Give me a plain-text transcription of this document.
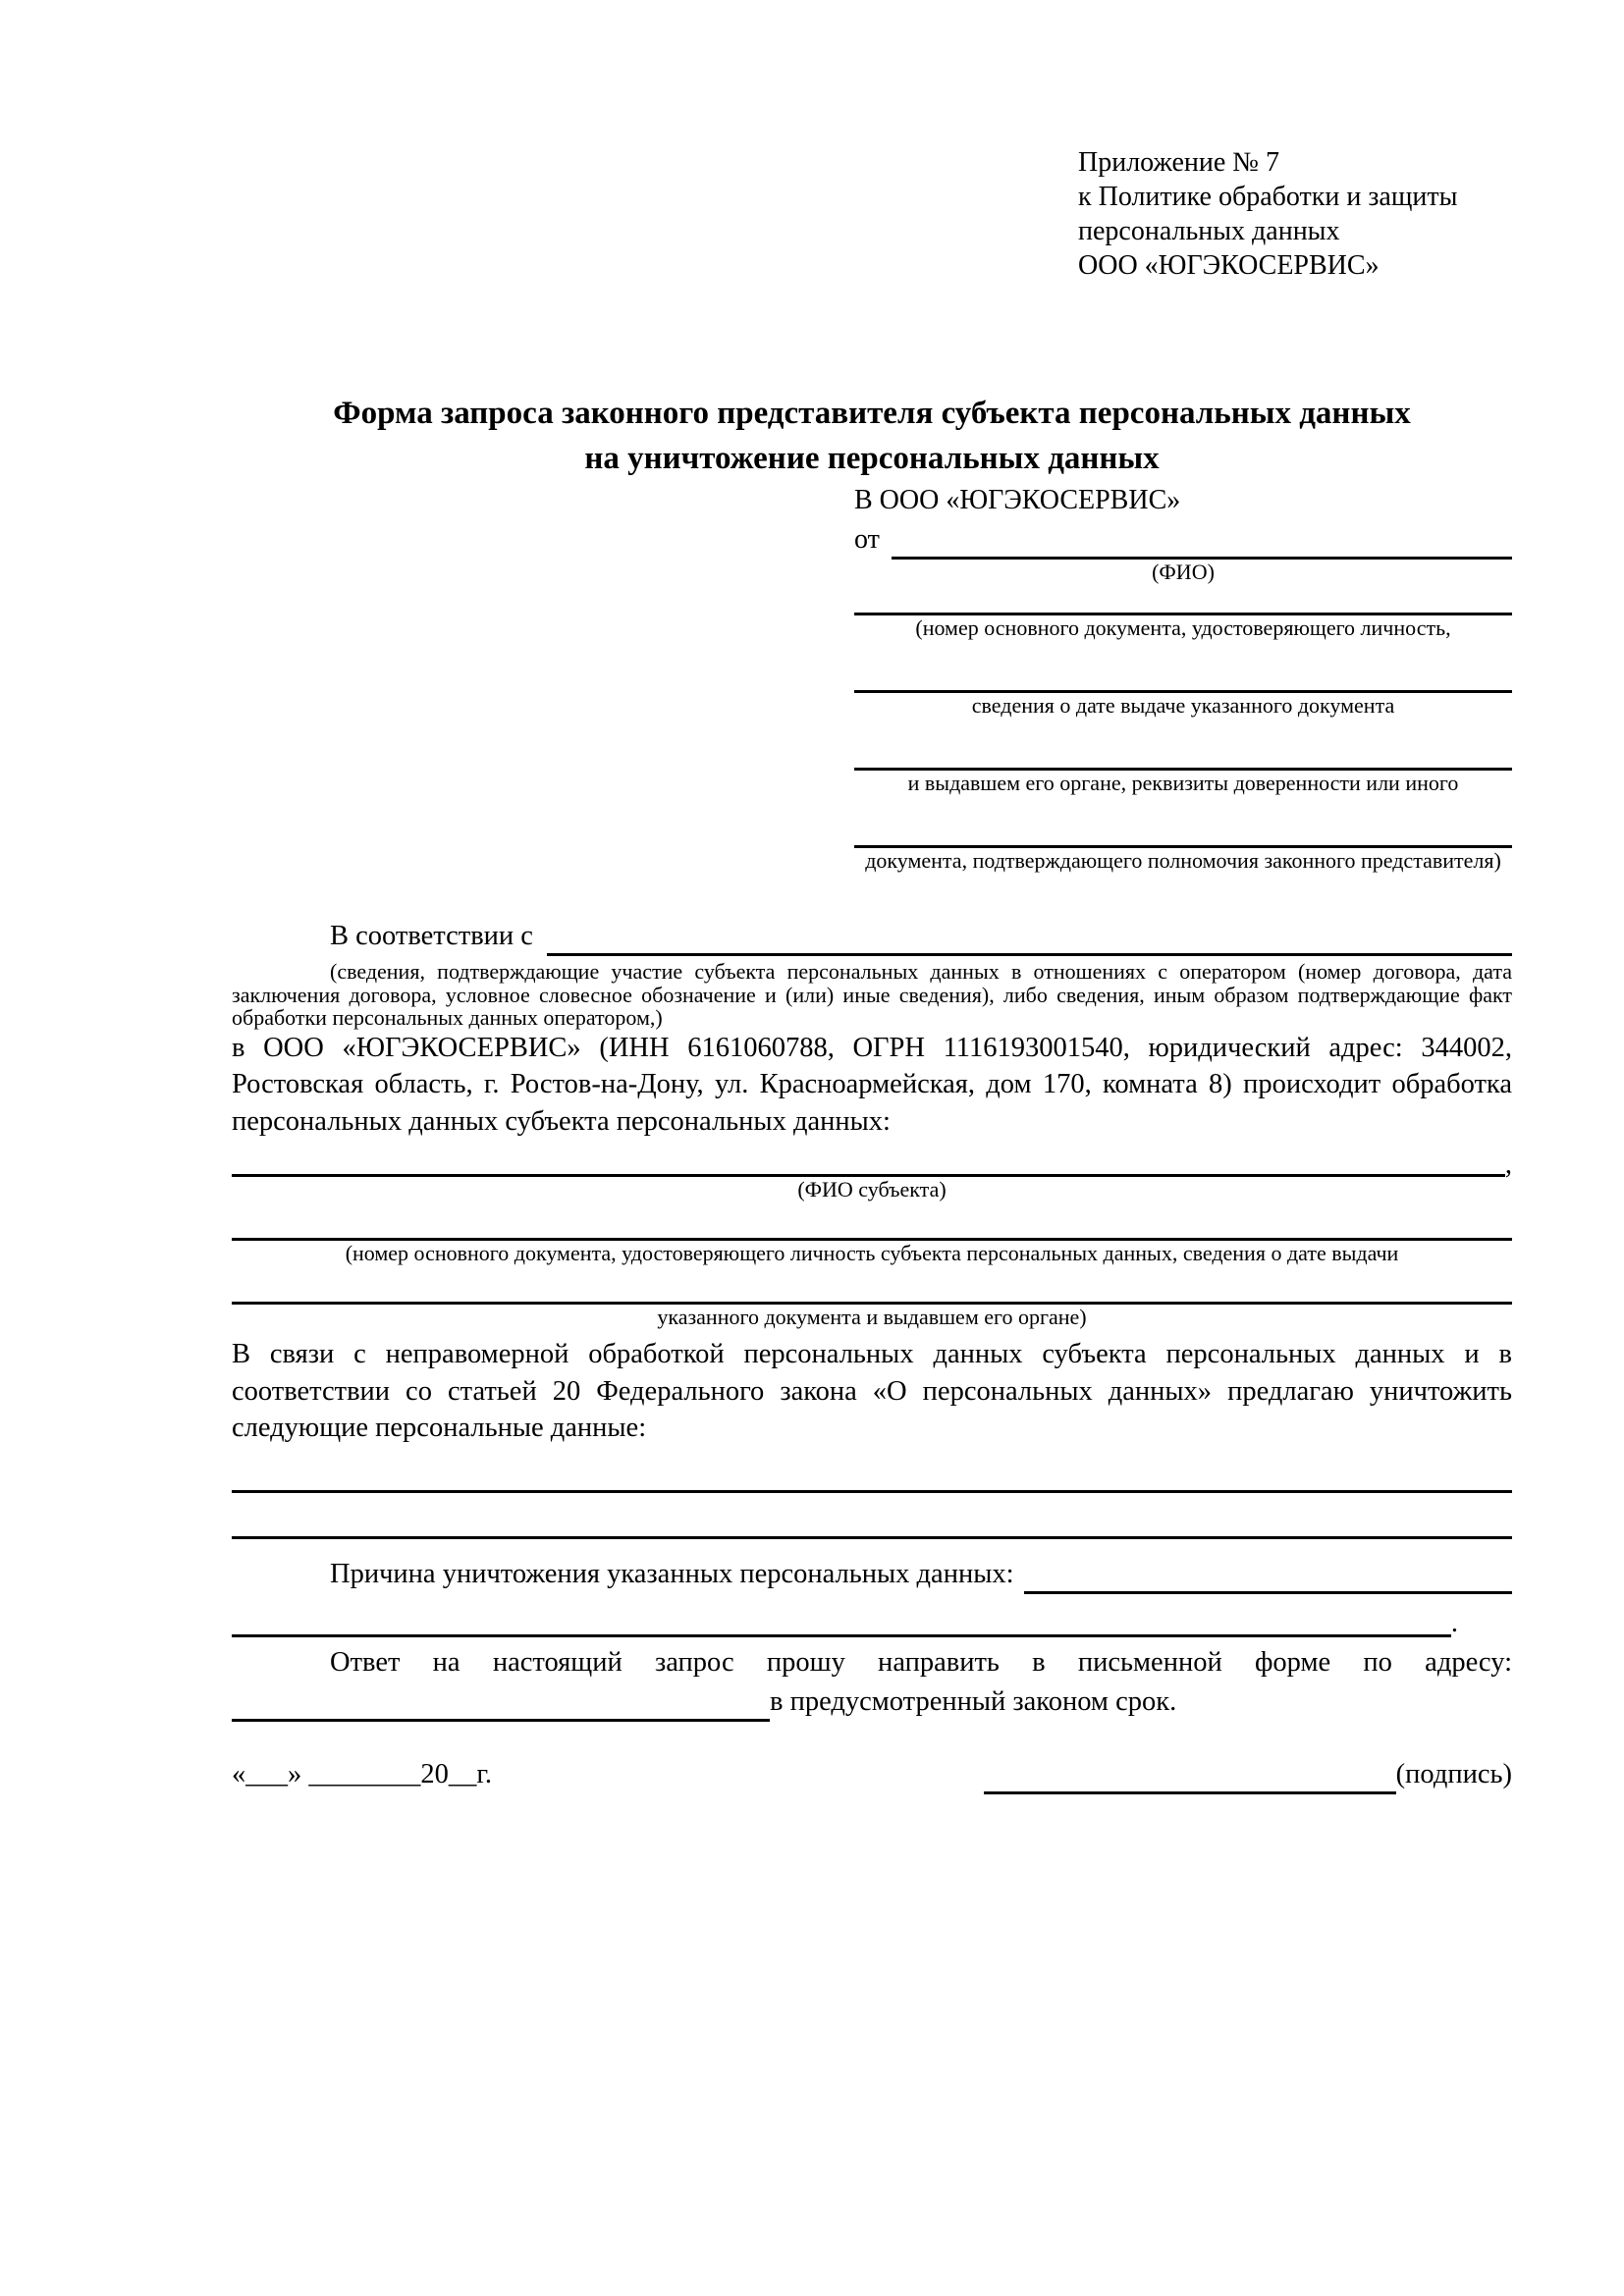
Приложение № 7
к Политике обработки и защиты
персональных данных
ООО «ЮГЭКОСЕРВИС»
Форма запроса законного представителя субъекта персональных данных
на уничтожение персональных данных
В ООО «ЮГЭКОСЕРВИС»
от
(ФИО)
(номер основного документа, удостоверяющего личность,
сведения о дате выдаче указанного документа
и выдавшем его органе, реквизиты доверенности или иного
документа, подтверждающего полномочия законного представителя)
В соответствии с
(сведения, подтверждающие участие субъекта персональных данных в отношениях с оператором (номер договора, дата заключения договора, условное словесное обозначение и (или) иные сведения), либо сведения, иным образом подтверждающие факт обработки персональных данных оператором,)

в ООО «ЮГЭКОСЕРВИС» (ИНН 6161060788, ОГРН 1116193001540, юридический адрес: 344002, Ростовская область, г. Ростов-на-Дону, ул. Красноармейская, дом 170, комната 8) происходит обработка персональных данных субъекта персональных данных:

,
(ФИО субъекта)
(номер основного документа, удостоверяющего личность субъекта персональных данных, сведения о дате выдачи
указанного документа и выдавшем его органе)

В связи с неправомерной обработкой персональных данных субъекта персональных данных и в соответствии со статьей 20 Федерального закона «О персональных данных» предлагаю уничтожить следующие персональные данные:

Причина уничтожения указанных персональных данных:
.
Ответ на настоящий запрос прошу направить в письменной форме по адресу:
в предусмотренный законом срок.
«___» ________20__г.	(подпись)
